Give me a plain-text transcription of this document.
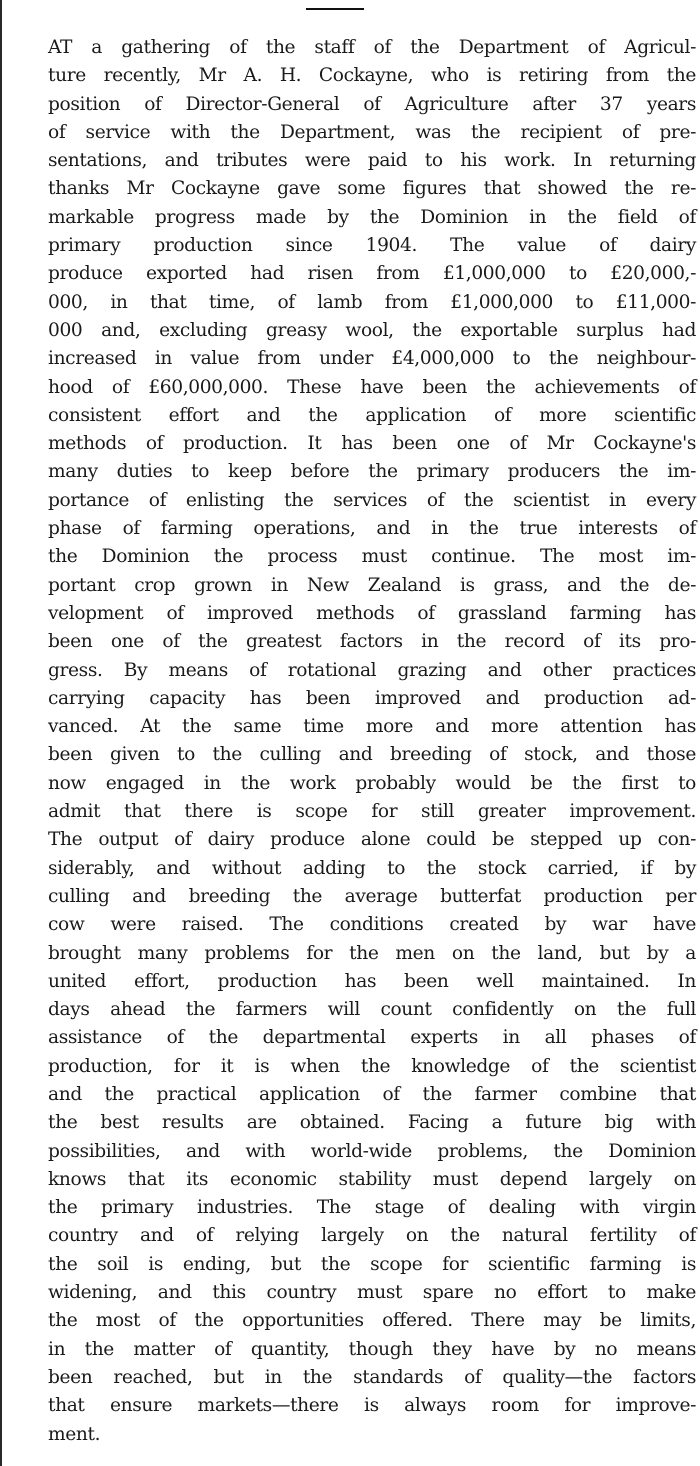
AT a gathering of the staff of the Department of Agricul-
ture recently, Mr A. H. Cockayne, who is retiring from the
position of Director-General of Agriculture after 37 years
of service with the Department, was the recipient of pre-
sentations, and tributes were paid to his work. In returning
thanks Mr Cockayne gave some figures that showed the re-
markable progress made by the Dominion in the field of
primary production since 1904. The value of dairy
produce exported had risen from £1,000,000 to £20,000,-
000, in that time, of lamb from £1,000,000 to £11,000-
000 and, excluding greasy wool, the exportable surplus had
increased in value from under £4,000,000 to the neighbour-
hood of £60,000,000. These have been the achievements of
consistent effort and the application of more scientific
methods of production. It has been one of Mr Cockayne's
many duties to keep before the primary producers the im-
portance of enlisting the services of the scientist in every
phase of farming operations, and in the true interests of
the Dominion the process must continue. The most im-
portant crop grown in New Zealand is grass, and the de-
velopment of improved methods of grassland farming has
been one of the greatest factors in the record of its pro-
gress. By means of rotational grazing and other practices
carrying capacity has been improved and production ad-
vanced. At the same time more and more attention has
been given to the culling and breeding of stock, and those
now engaged in the work probably would be the first to
admit that there is scope for still greater improvement.
The output of dairy produce alone could be stepped up con-
siderably, and without adding to the stock carried, if by
culling and breeding the average butterfat production per
cow were raised. The conditions created by war have
brought many problems for the men on the land, but by a
united effort, production has been well maintained. In
days ahead the farmers will count confidently on the full
assistance of the departmental experts in all phases of
production, for it is when the knowledge of the scientist
and the practical application of the farmer combine that
the best results are obtained. Facing a future big with
possibilities, and with world-wide problems, the Dominion
knows that its economic stability must depend largely on
the primary industries. The stage of dealing with virgin
country and of relying largely on the natural fertility of
the soil is ending, but the scope for scientific farming is
widening, and this country must spare no effort to make
the most of the opportunities offered. There may be limits,
in the matter of quantity, though they have by no means
been reached, but in the standards of quality—the factors
that ensure markets—there is always room for improve-
ment.
